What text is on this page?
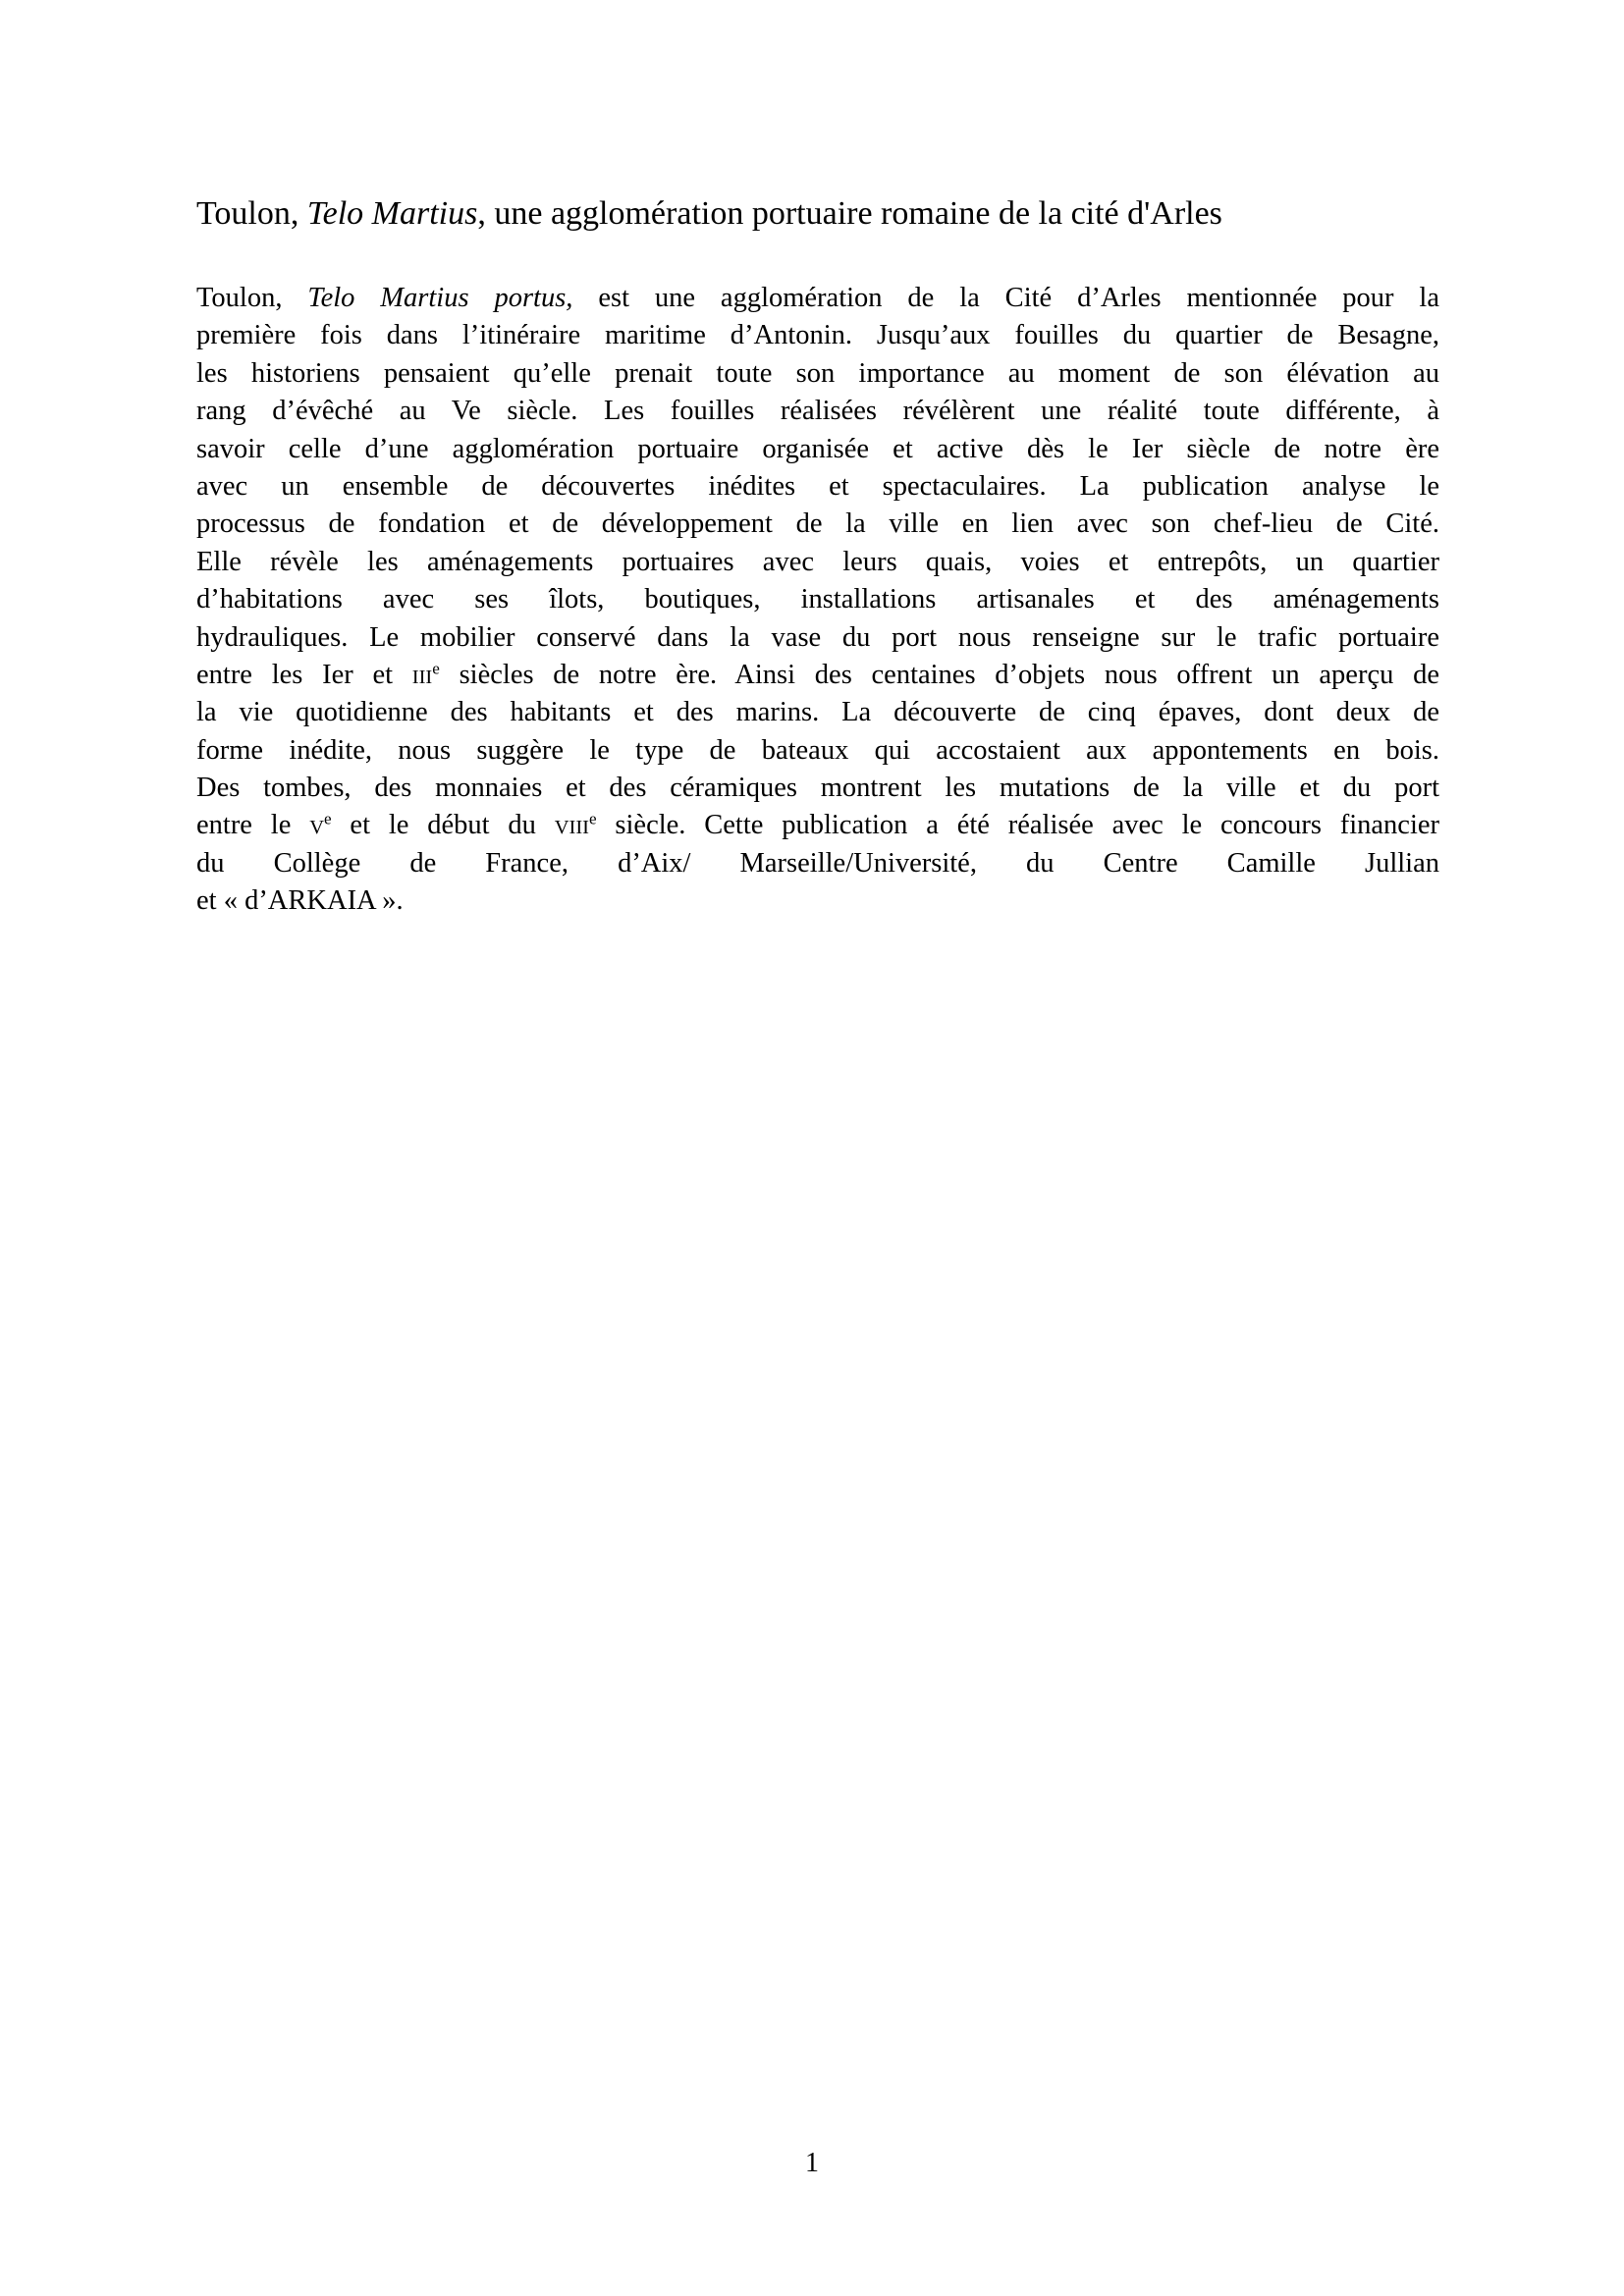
Toulon, Telo Martius, une agglomération portuaire romaine de la cité d'Arles
Toulon, Telo Martius portus, est une agglomération de la Cité d’Arles mentionnée pour la
première fois dans l’itinéraire maritime d’Antonin. Jusqu’aux fouilles du quartier de Besagne,
les historiens pensaient qu’elle prenait toute son importance au moment de son élévation au
rang d’évêché au Ve siècle. Les fouilles réalisées révélèrent une réalité toute différente, à
savoir celle d’une agglomération portuaire organisée et active dès le Ier siècle de notre ère
avec un ensemble de découvertes inédites et spectaculaires. La publication analyse le
processus de fondation et de développement de la ville en lien avec son chef-lieu de Cité.
Elle révèle les aménagements portuaires avec leurs quais, voies et entrepôts, un quartier
d’habitations avec ses îlots, boutiques, installations artisanales et des aménagements
hydrauliques. Le mobilier conservé dans la vase du port nous renseigne sur le trafic portuaire
entre les Ier et IIIe siècles de notre ère. Ainsi des centaines d’objets nous offrent un aperçu de
la vie quotidienne des habitants et des marins. La découverte de cinq épaves, dont deux de
forme inédite, nous suggère le type de bateaux qui accostaient aux appontements en bois.
Des tombes, des monnaies et des céramiques montrent les mutations de la ville et du port
entre le Ve et le début du VIIIe siècle. Cette publication a été réalisée avec le concours financier
du Collège de France, d’Aix/ Marseille/Université, du Centre Camille Jullian
et « d’ARKAIA ».
1
